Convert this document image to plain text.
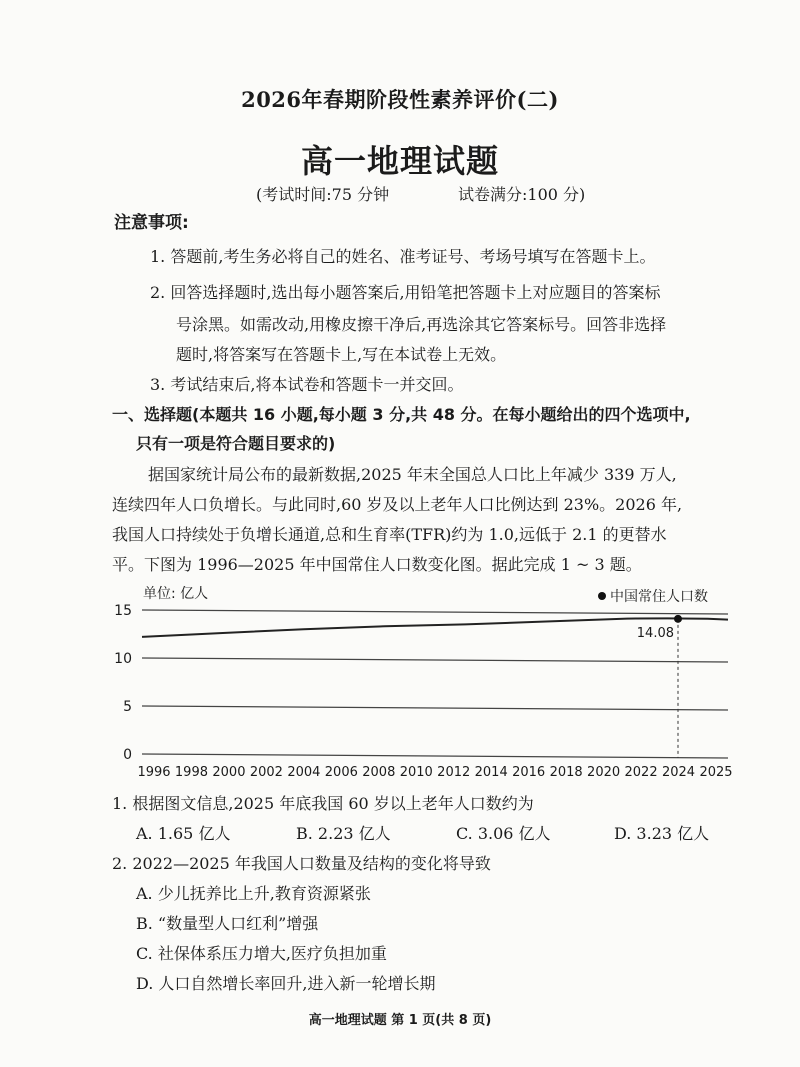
2026年春期阶段性素养评价(二)
高一地理试题
(考试时间:75 分钟	试卷满分:100 分)
注意事项:
1. 答题前,考生务必将自己的姓名、准考证号、考场号填写在答题卡上。
2. 回答选择题时,选出每小题答案后,用铅笔把答题卡上对应题目的答案标
号涂黑。如需改动,用橡皮擦干净后,再选涂其它答案标号。回答非选择
题时,将答案写在答题卡上,写在本试卷上无效。
3. 考试结束后,将本试卷和答题卡一并交回。
一、选择题(本题共 16 小题,每小题 3 分,共 48 分。在每小题给出的四个选项中,
只有一项是符合题目要求的)
据国家统计局公布的最新数据,2025 年末全国总人口比上年减少 339 万人,
连续四年人口负增长。与此同时,60 岁及以上老年人口比例达到 23%。2026 年,
我国人口持续处于负增长通道,总和生育率(TFR)约为 1.0,远低于 2.1 的更替水
平。下图为 1996—2025 年中国常住人口数变化图。据此完成 1 ~ 3 题。
单位: 亿人
15
10
5
0
1996 1998 2000 2002 2004 2006 2008 2010 2012 2014 2016 2018 2020 2022 2024 2025
14.08
中国常住人口数
1. 根据图文信息,2025 年底我国 60 岁以上老年人口数约为
A. 1.65 亿人	B. 2.23 亿人	C. 3.06 亿人	D. 3.23 亿人
2. 2022—2025 年我国人口数量及结构的变化将导致
A. 少儿抚养比上升,教育资源紧张
B. “数量型人口红利”增强
C. 社保体系压力增大,医疗负担加重
D. 人口自然增长率回升,进入新一轮增长期
高一地理试题 第 1 页(共 8 页)
